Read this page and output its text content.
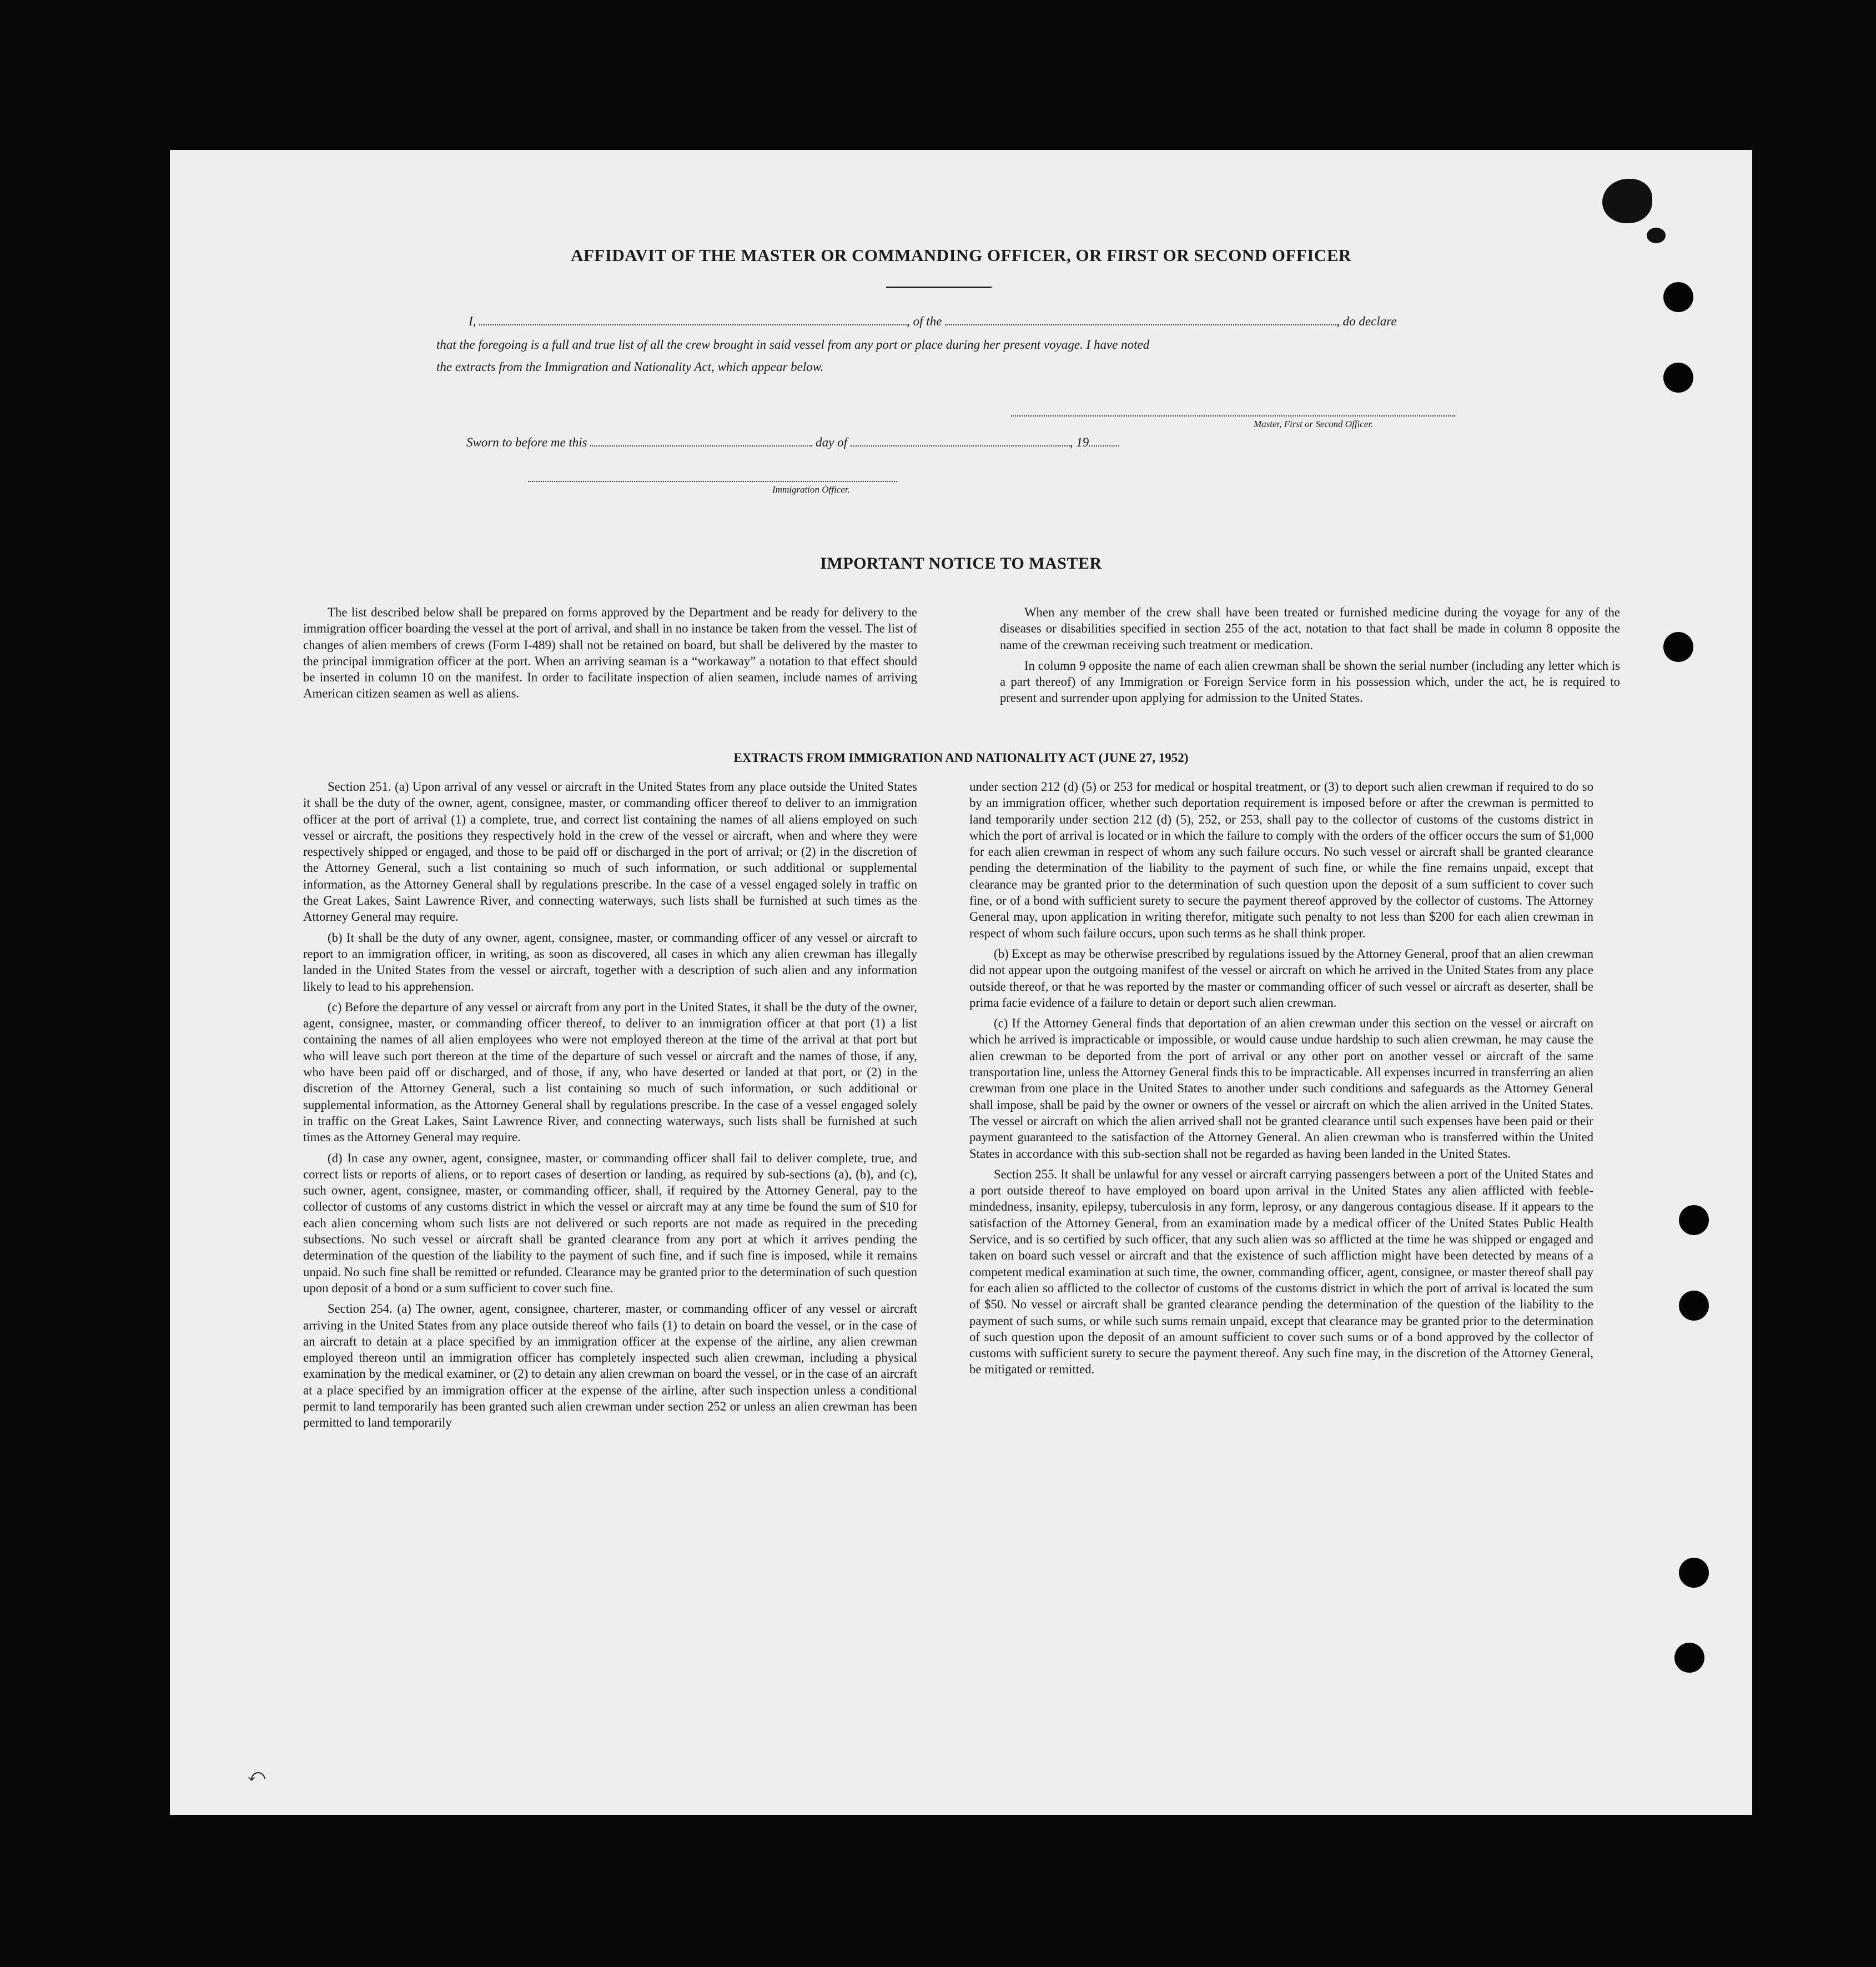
AFFIDAVIT OF THE MASTER OR COMMANDING OFFICER, OR FIRST OR SECOND OFFICER
I,	, of the	, do declare
that the foregoing is a full and true list of all the crew brought in said vessel from any port or place during her present voyage. I have noted
the extracts from the Immigration and Nationality Act, which appear below.
Master, First or Second Officer.
Sworn to before me this	day of	, 19
Immigration Officer.
IMPORTANT NOTICE TO MASTER

The list described below shall be prepared on forms approved by the Department and be ready for delivery to the immigration officer boarding the vessel at the port of arrival, and shall in no instance be taken from the vessel. The list of changes of alien members of crews (Form I-489) shall not be retained on board, but shall be delivered by the master to the principal immigration officer at the port. When an arriving seaman is a “workaway” a notation to that effect should be inserted in column 10 on the manifest. In order to facilitate inspection of alien seamen, include names of arriving American citizen seamen as well as aliens.

When any member of the crew shall have been treated or furnished medicine during the voyage for any of the diseases or disabilities specified in section 255 of the act, notation to that fact shall be made in column 8 opposite the name of the crewman receiving such treatment or medication.

In column 9 opposite the name of each alien crewman shall be shown the serial number (including any letter which is a part thereof) of any Immigration or Foreign Service form in his possession which, under the act, he is required to present and surrender upon applying for admission to the United States.

EXTRACTS FROM IMMIGRATION AND NATIONALITY ACT (JUNE 27, 1952)

Section 251. (a) Upon arrival of any vessel or aircraft in the United States from any place outside the United States it shall be the duty of the owner, agent, consignee, master, or commanding officer thereof to deliver to an immigration officer at the port of arrival (1) a complete, true, and correct list containing the names of all aliens employed on such vessel or aircraft, the positions they respectively hold in the crew of the vessel or aircraft, when and where they were respectively shipped or engaged, and those to be paid off or discharged in the port of arrival; or (2) in the discretion of the Attorney General, such a list containing so much of such information, or such additional or supplemental information, as the Attorney General shall by regulations prescribe. In the case of a vessel engaged solely in traffic on the Great Lakes, Saint Lawrence River, and connecting waterways, such lists shall be furnished at such times as the Attorney General may require.

(b) It shall be the duty of any owner, agent, consignee, master, or commanding officer of any vessel or aircraft to report to an immigration officer, in writing, as soon as discovered, all cases in which any alien crewman has illegally landed in the United States from the vessel or aircraft, together with a description of such alien and any information likely to lead to his apprehension.

(c) Before the departure of any vessel or aircraft from any port in the United States, it shall be the duty of the owner, agent, consignee, master, or commanding officer thereof, to deliver to an immigration officer at that port (1) a list containing the names of all alien employees who were not employed thereon at the time of the arrival at that port but who will leave such port thereon at the time of the departure of such vessel or aircraft and the names of those, if any, who have been paid off or discharged, and of those, if any, who have deserted or landed at that port, or (2) in the discretion of the Attorney General, such a list containing so much of such information, or such additional or supplemental information, as the Attorney General shall by regulations prescribe. In the case of a vessel engaged solely in traffic on the Great Lakes, Saint Lawrence River, and connecting waterways, such lists shall be furnished at such times as the Attorney General may require.

(d) In case any owner, agent, consignee, master, or commanding officer shall fail to deliver complete, true, and correct lists or reports of aliens, or to report cases of desertion or landing, as required by sub-sections (a), (b), and (c), such owner, agent, consignee, master, or commanding officer, shall, if required by the Attorney General, pay to the collector of customs of any customs district in which the vessel or aircraft may at any time be found the sum of $10 for each alien concerning whom such lists are not delivered or such reports are not made as required in the preceding subsections. No such vessel or aircraft shall be granted clearance from any port at which it arrives pending the determination of the question of the liability to the payment of such fine, and if such fine is imposed, while it remains unpaid. No such fine shall be remitted or refunded. Clearance may be granted prior to the determination of such question upon deposit of a bond or a sum sufficient to cover such fine.

Section 254. (a) The owner, agent, consignee, charterer, master, or commanding officer of any vessel or aircraft arriving in the United States from any place outside thereof who fails (1) to detain on board the vessel, or in the case of an aircraft to detain at a place specified by an immigration officer at the expense of the airline, any alien crewman employed thereon until an immigration officer has completely inspected such alien crewman, including a physical examination by the medical examiner, or (2) to detain any alien crewman on board the vessel, or in the case of an aircraft at a place specified by an immigration officer at the expense of the airline, after such inspection unless a conditional permit to land temporarily has been granted such alien crewman under section 252 or unless an alien crewman has been permitted to land temporarily

under section 212 (d) (5) or 253 for medical or hospital treatment, or (3) to deport such alien crewman if required to do so by an immigration officer, whether such deportation requirement is imposed before or after the crewman is permitted to land temporarily under section 212 (d) (5), 252, or 253, shall pay to the collector of customs of the customs district in which the port of arrival is located or in which the failure to comply with the orders of the officer occurs the sum of $1,000 for each alien crewman in respect of whom any such failure occurs. No such vessel or aircraft shall be granted clearance pending the determination of the liability to the payment of such fine, or while the fine remains unpaid, except that clearance may be granted prior to the determination of such question upon the deposit of a sum sufficient to cover such fine, or of a bond with sufficient surety to secure the payment thereof approved by the collector of customs. The Attorney General may, upon application in writing therefor, mitigate such penalty to not less than $200 for each alien crewman in respect of whom such failure occurs, upon such terms as he shall think proper.

(b) Except as may be otherwise prescribed by regulations issued by the Attorney General, proof that an alien crewman did not appear upon the outgoing manifest of the vessel or aircraft on which he arrived in the United States from any place outside thereof, or that he was reported by the master or commanding officer of such vessel or aircraft as deserter, shall be prima facie evidence of a failure to detain or deport such alien crewman.

(c) If the Attorney General finds that deportation of an alien crewman under this section on the vessel or aircraft on which he arrived is impracticable or impossible, or would cause undue hardship to such alien crewman, he may cause the alien crewman to be deported from the port of arrival or any other port on another vessel or aircraft of the same transportation line, unless the Attorney General finds this to be impracticable. All expenses incurred in transferring an alien crewman from one place in the United States to another under such conditions and safeguards as the Attorney General shall impose, shall be paid by the owner or owners of the vessel or aircraft on which the alien arrived in the United States. The vessel or aircraft on which the alien arrived shall not be granted clearance until such expenses have been paid or their payment guaranteed to the satisfaction of the Attorney General. An alien crewman who is transferred within the United States in accordance with this sub-section shall not be regarded as having been landed in the United States.

Section 255. It shall be unlawful for any vessel or aircraft carrying passengers between a port of the United States and a port outside thereof to have employed on board upon arrival in the United States any alien afflicted with feeble-mindedness, insanity, epilepsy, tuberculosis in any form, leprosy, or any dangerous contagious disease. If it appears to the satisfaction of the Attorney General, from an examination made by a medical officer of the United States Public Health Service, and is so certified by such officer, that any such alien was so afflicted at the time he was shipped or engaged and taken on board such vessel or aircraft and that the existence of such affliction might have been detected by means of a competent medical examination at such time, the owner, commanding officer, agent, consignee, or master thereof shall pay for each alien so afflicted to the collector of customs of the customs district in which the port of arrival is located the sum of $50. No vessel or aircraft shall be granted clearance pending the determination of the question of the liability to the payment of such sums, or while such sums remain unpaid, except that clearance may be granted prior to the determination of such question upon the deposit of an amount sufficient to cover such sums or of a bond approved by the collector of customs with sufficient surety to secure the payment thereof. Any such fine may, in the discretion of the Attorney General, be mitigated or remitted.

⤺
